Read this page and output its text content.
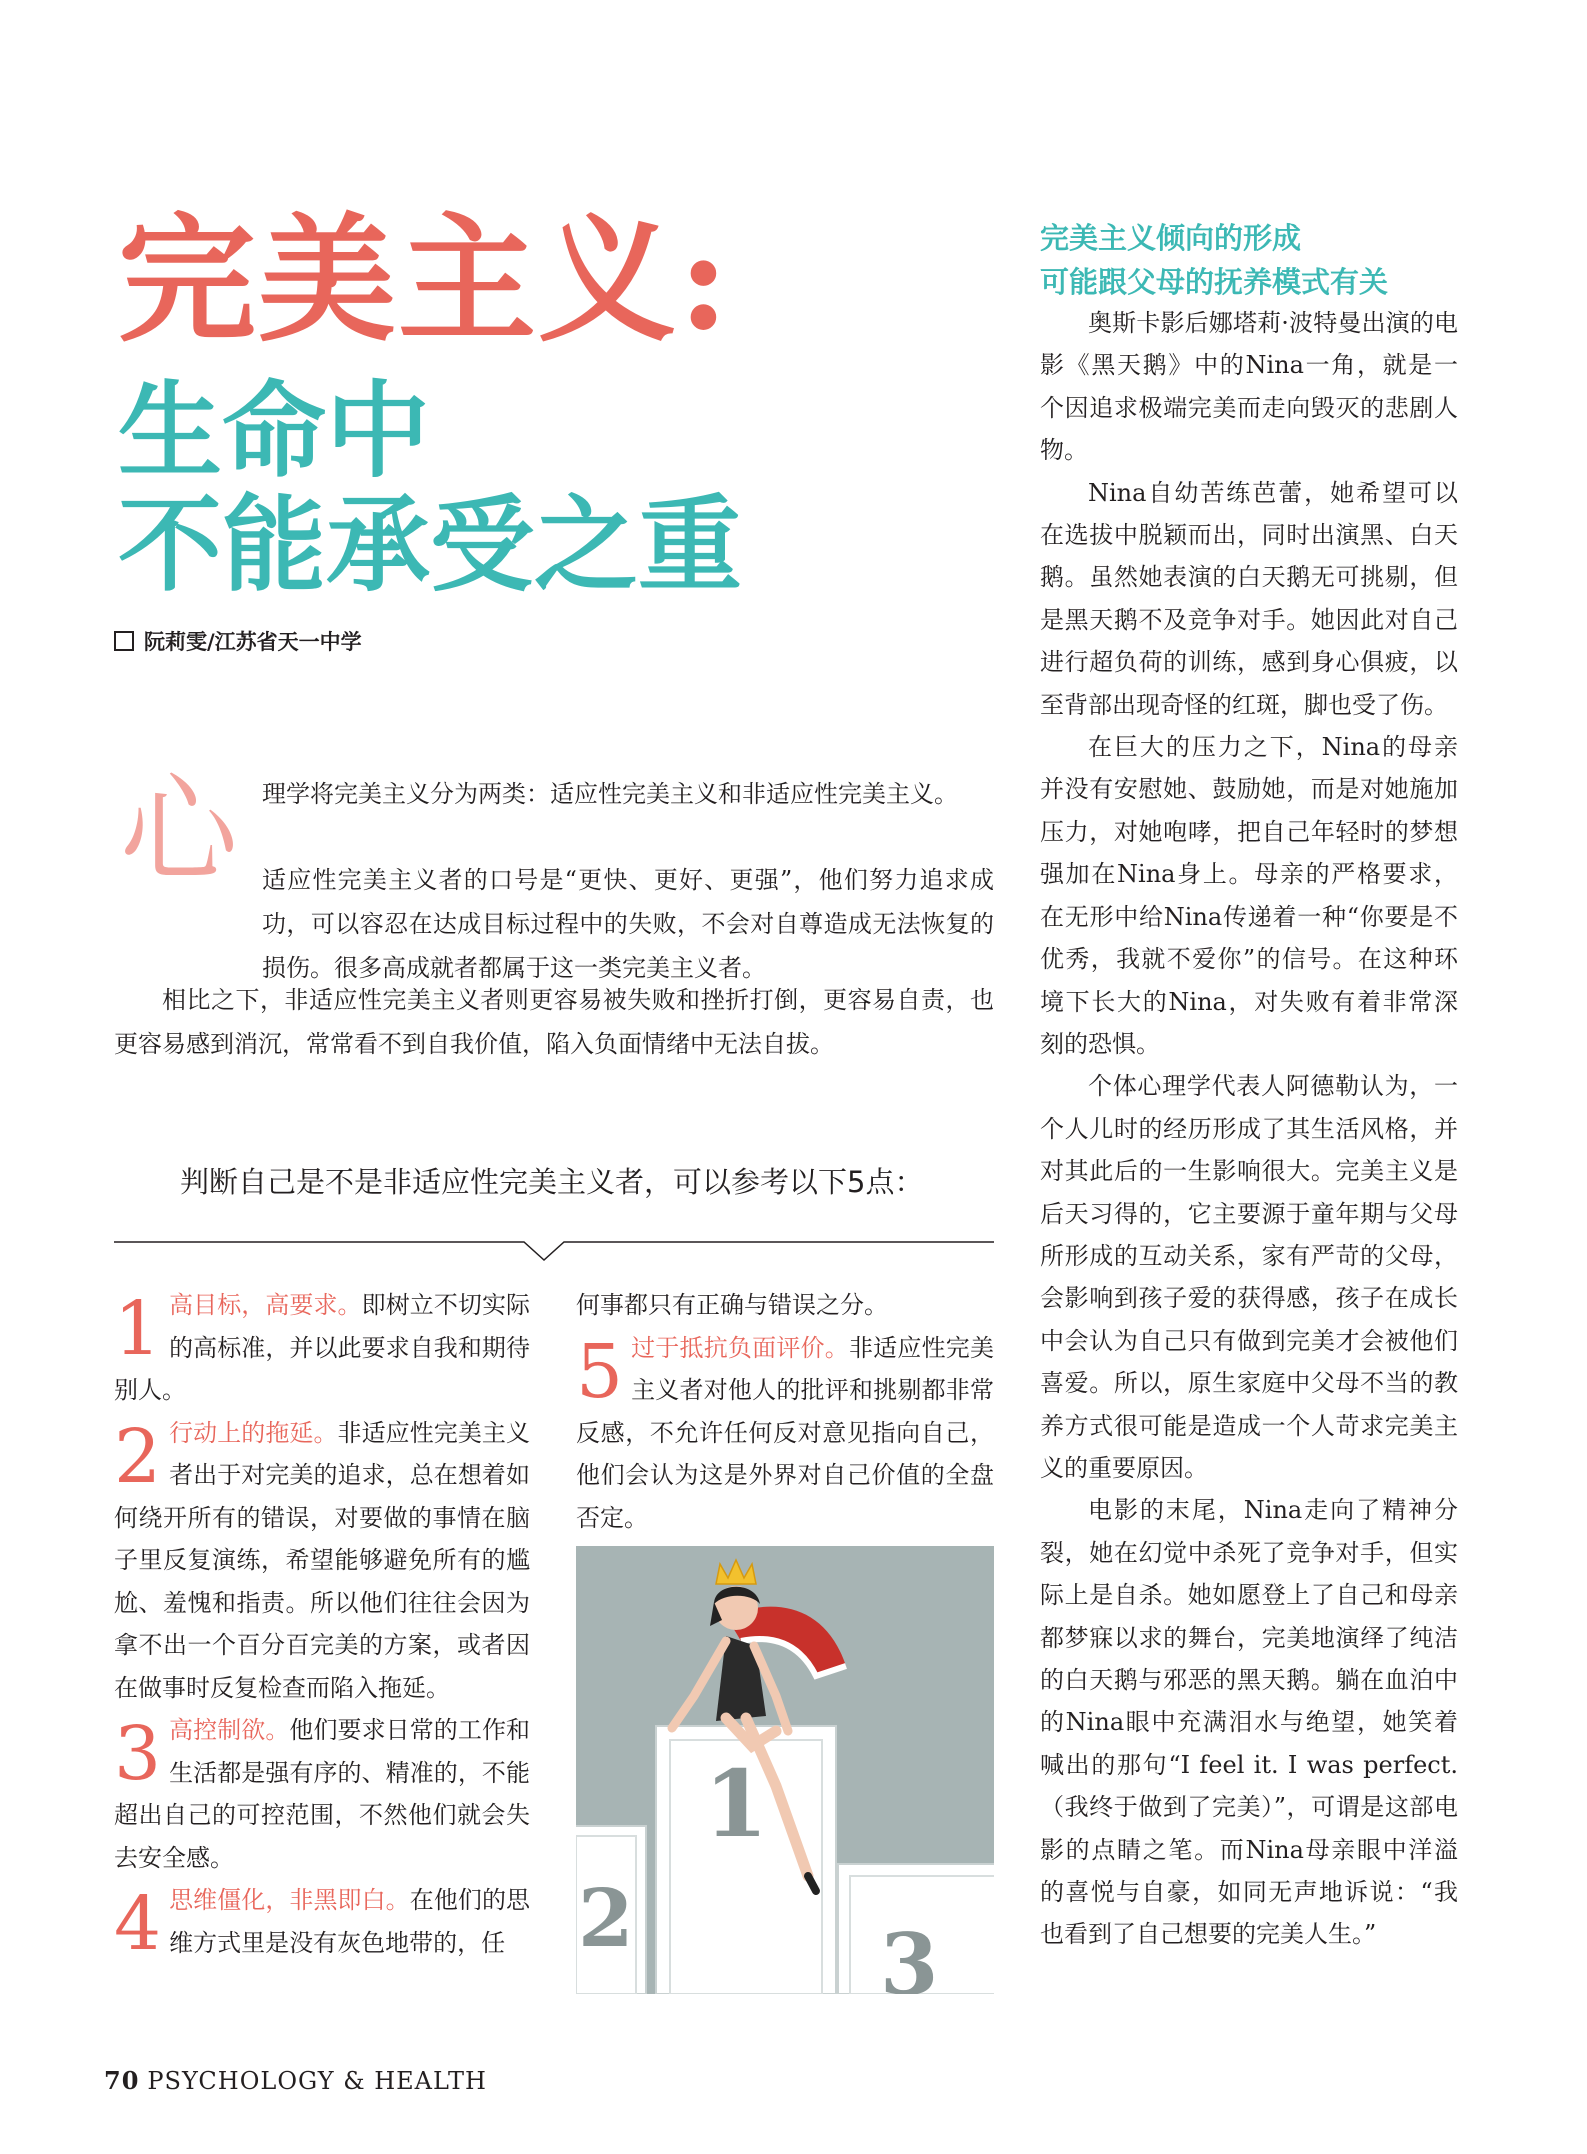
完美主义:
生命中
不能承受之重
阮莉雯/江苏省天一中学
心 理学将完美主义分为两类：适应性完美主义和非适应性完美主义。

适应性完美主义者的口号是“更快、更好、更强”，他们努力追求成功，可以容忍在达成目标过程中的失败，不会对自尊造成无法恢复的损伤。很多高成就者都属于这一类完美主义者。

相比之下，非适应性完美主义者则更容易被失败和挫折打倒，更容易自责，也更容易感到消沉，常常看不到自我价值，陷入负面情绪中无法自拔。

判断自己是不是非适应性完美主义者，可以参考以下5点：
1 高目标，高要求。即树立不切实际的高标准，并以此要求自我和期待别人。
2 行动上的拖延。非适应性完美主义者出于对完美的追求，总在想着如何绕开所有的错误，对要做的事情在脑子里反复演练，希望能够避免所有的尴尬、羞愧和指责。所以他们往往会因为拿不出一个百分百完美的方案，或者因在做事时反复检查而陷入拖延。
3 高控制欲。他们要求日常的工作和生活都是强有序的、精准的，不能超出自己的可控范围，不然他们就会失去安全感。
4 思维僵化，非黑即白。在他们的思维方式里是没有灰色地带的，任
何事都只有正确与错误之分。
5 过于抵抗负面评价。非适应性完美主义者对他人的批评和挑剔都非常反感，不允许任何反对意见指向自己，他们会认为这是外界对自己价值的全盘否定。
2
1
3
完美主义倾向的形成
可能跟父母的抚养模式有关

奥斯卡影后娜塔莉·波特曼出演的电影《黑天鹅》中的Nina一角，就是一个因追求极端完美而走向毁灭的悲剧人物。

Nina自幼苦练芭蕾，她希望可以在选拔中脱颖而出，同时出演黑、白天鹅。虽然她表演的白天鹅无可挑剔，但是黑天鹅不及竞争对手。她因此对自己进行超负荷的训练，感到身心俱疲，以至背部出现奇怪的红斑，脚也受了伤。

在巨大的压力之下，Nina的母亲并没有安慰她、鼓励她，而是对她施加压力，对她咆哮，把自己年轻时的梦想强加在Nina身上。母亲的严格要求，在无形中给Nina传递着一种“你要是不优秀，我就不爱你”的信号。在这种环境下长大的Nina，对失败有着非常深刻的恐惧。

个体心理学代表人阿德勒认为，一个人儿时的经历形成了其生活风格，并对其此后的一生影响很大。完美主义是后天习得的，它主要源于童年期与父母所形成的互动关系，家有严苛的父母，会影响到孩子爱的获得感，孩子在成长中会认为自己只有做到完美才会被他们喜爱。所以，原生家庭中父母不当的教养方式很可能是造成一个人苛求完美主义的重要原因。

电影的末尾，Nina走向了精神分裂，她在幻觉中杀死了竞争对手，但实际上是自杀。她如愿登上了自己和母亲都梦寐以求的舞台，完美地演绎了纯洁的白天鹅与邪恶的黑天鹅。躺在血泊中的Nina眼中充满泪水与绝望，她笑着喊出的那句“I feel it. I was perfect.（我终于做到了完美）”，可谓是这部电影的点睛之笔。而Nina母亲眼中洋溢的喜悦与自豪，如同无声地诉说：“我也看到了自己想要的完美人生。”

70 PSYCHOLOGY & HEALTH
